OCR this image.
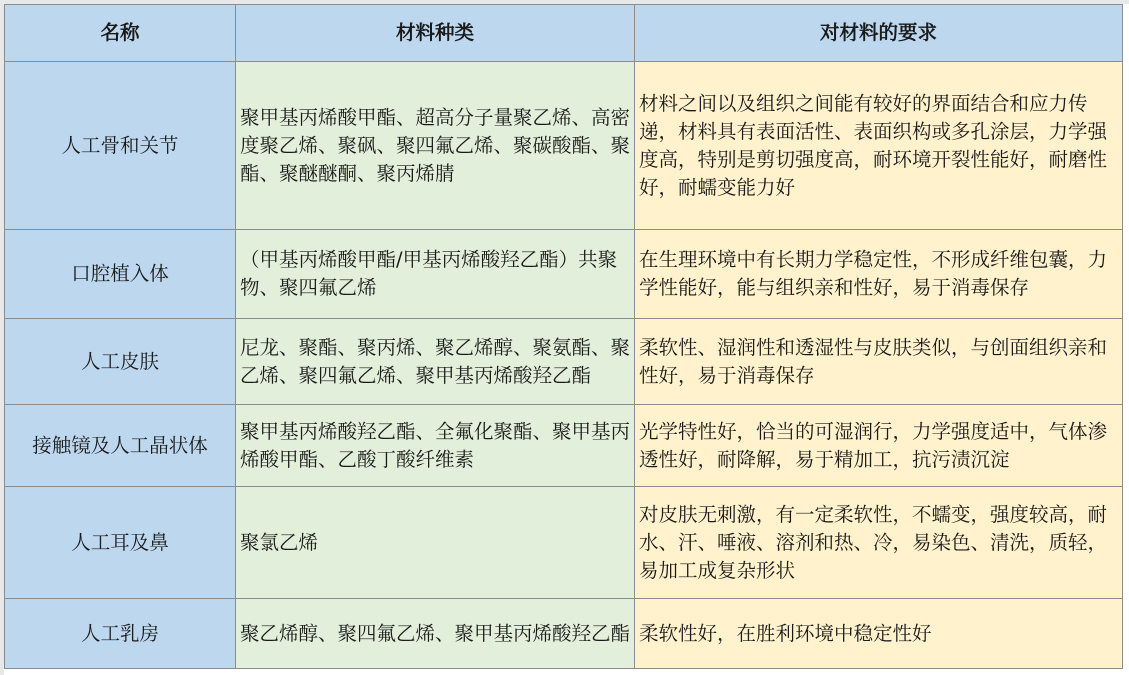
名称	材料种类	对材料的要求
人工骨和关节	聚甲基丙烯酸甲酯、超高分子量聚乙烯、高密度聚乙烯、聚砜、聚四氟乙烯、聚碳酸酯、聚酯、聚醚醚酮、聚丙烯腈	材料之间以及组织之间能有较好的界面结合和应力传递，材料具有表面活性、表面织构或多孔涂层，力学强度高，特别是剪切强度高，耐环境开裂性能好，耐磨性好，耐蠕变能力好
口腔植入体	（甲基丙烯酸甲酯/甲基丙烯酸羟乙酯）共聚物、聚四氟乙烯	在生理环境中有长期力学稳定性，不形成纤维包囊，力学性能好，能与组织亲和性好，易于消毒保存
人工皮肤	尼龙、聚酯、聚丙烯、聚乙烯醇、聚氨酯、聚乙烯、聚四氟乙烯、聚甲基丙烯酸羟乙酯	柔软性、湿润性和透湿性与皮肤类似，与创面组织亲和性好，易于消毒保存
接触镜及人工晶状体	聚甲基丙烯酸羟乙酯、全氟化聚酯、聚甲基丙烯酸甲酯、乙酸丁酸纤维素	光学特性好，恰当的可湿润行，力学强度适中，气体渗透性好，耐降解，易于精加工，抗污渍沉淀
人工耳及鼻	聚氯乙烯	对皮肤无刺激，有一定柔软性，不蠕变，强度较高，耐水、汗、唾液、溶剂和热、冷，易染色、清洗，质轻，易加工成复杂形状
人工乳房	聚乙烯醇、聚四氟乙烯、聚甲基丙烯酸羟乙酯	柔软性好，在胜利环境中稳定性好
